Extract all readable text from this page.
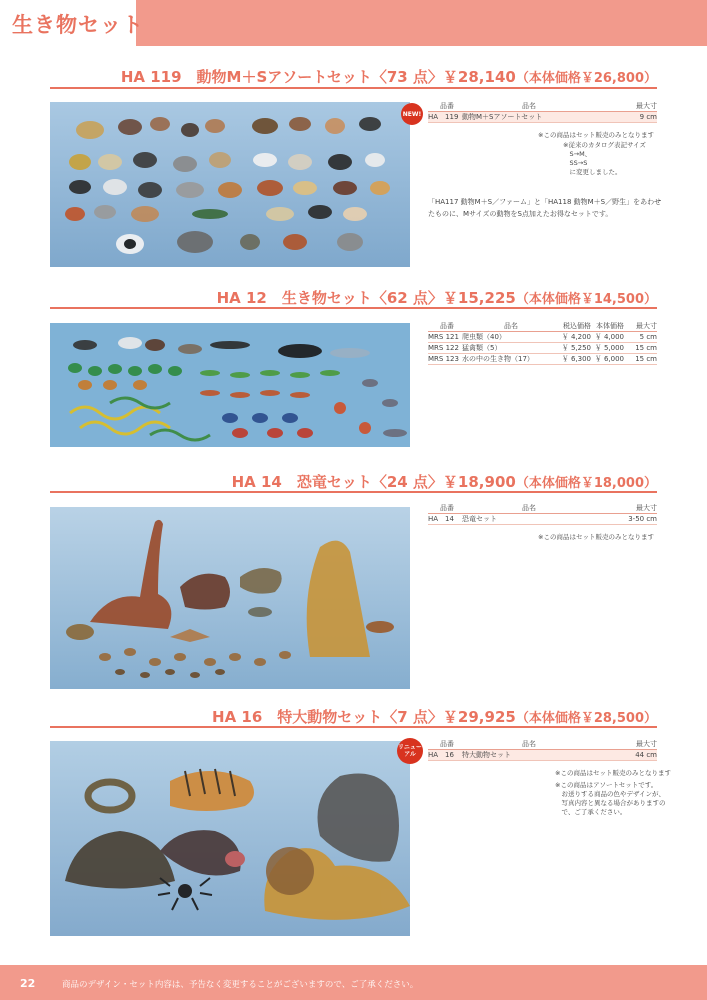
生き物セット
HA 119　動物M＋Sアソートセット〈73 点〉￥28,140（本体価格￥26,800）
NEW!
品番	品名	最大寸
HA　119 動物M＋Sアソートセット	9 cm
※この商品はセット販売のみとなります
※従来のカタログ表記サイズ
　S→M、
　SS→S
　に変更しました。
「HA117 動物M＋S／ファーム」と「HA118 動物M＋S／野生」をあわせ
たものに、Mサイズの動物をS点加えたお得なセットです。
HA 12　生き物セット〈62 点〉￥15,225（本体価格￥14,500）
品番	品名	税込価格 本体価格	最大寸
MRS 121 爬虫類（40）	￥ 4,200 ￥ 4,000	5 cm
MRS 122 猛禽類（5）	￥ 5,250 ￥ 5,000	15 cm
MRS 123 水の中の生き物（17）	￥ 6,300 ￥ 6,000	15 cm
HA 14　恐竜セット〈24 点〉￥18,900（本体価格￥18,000）
品番	品名	最大寸
HA　14	恐竜セット	3-50 cm
※この商品はセット販売のみとなります
HA 16　特大動物セット〈7 点〉￥29,925（本体価格￥28,500）
リニュー
アル
品番	品名	最大寸
HA　16	特大動物セット	44 cm
※この商品はセット販売のみとなります
※この商品はアソートセットです。
　お送りする商品の色やデザインが、
　写真内容と異なる場合がありますの
　で、ご了承ください。
22	商品のデザイン・セット内容は、予告なく変更することがございますので、ご了承ください。
